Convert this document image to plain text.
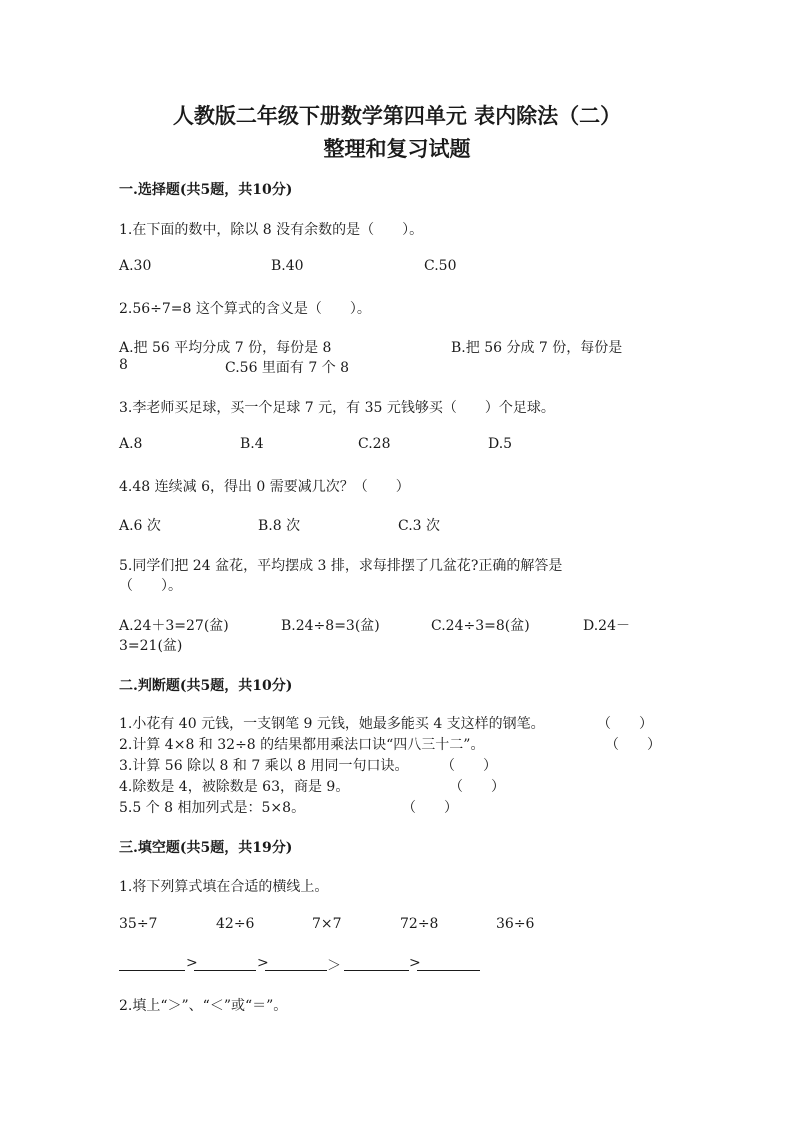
人教版二年级下册数学第四单元 表内除法（二）
整理和复习试题
一.选择题(共5题，共10分)
1.在下面的数中，除以 8 没有余数的是（　　）。
A.30	B.40	C.50
2.56÷7=8 这个算式的含义是（　　）。
A.把 56 平均分成 7 份，每份是 8	B.把 56 分成 7 份，每份是
8	C.56 里面有 7 个 8
3.李老师买足球，买一个足球 7 元，有 35 元钱够买（　　）个足球。
A.8	B.4	C.28	D.5
4.48 连续减 6，得出 0 需要减几次？（　　）
A.6 次	B.8 次	C.3 次
5.同学们把 24 盆花，平均摆成 3 排，求每排摆了几盆花?正确的解答是
（　　）。
A.24＋3=27(盆)	B.24÷8=3(盆)	C.24÷3=8(盆)	D.24－
3=21(盆)
二.判断题(共5题，共10分)
1.小花有 40 元钱，一支钢笔 9 元钱，她最多能买 4 支这样的钢笔。	（　　）
2.计算 4×8 和 32÷8 的结果都用乘法口诀“四八三十二”。	（　　）
3.计算 56 除以 8 和 7 乘以 8 用同一句口诀。 （　　）
4.除数是 4，被除数是 63，商是 9。	（　　）
5.5 个 8 相加列式是：5×8。	（　　）
三.填空题(共5题，共19分)
1.将下列算式填在合适的横线上。
35÷7	42÷6	7×7	72÷8	36÷6
>	>	＞	>
2.填上“＞”、“＜”或“＝”。
